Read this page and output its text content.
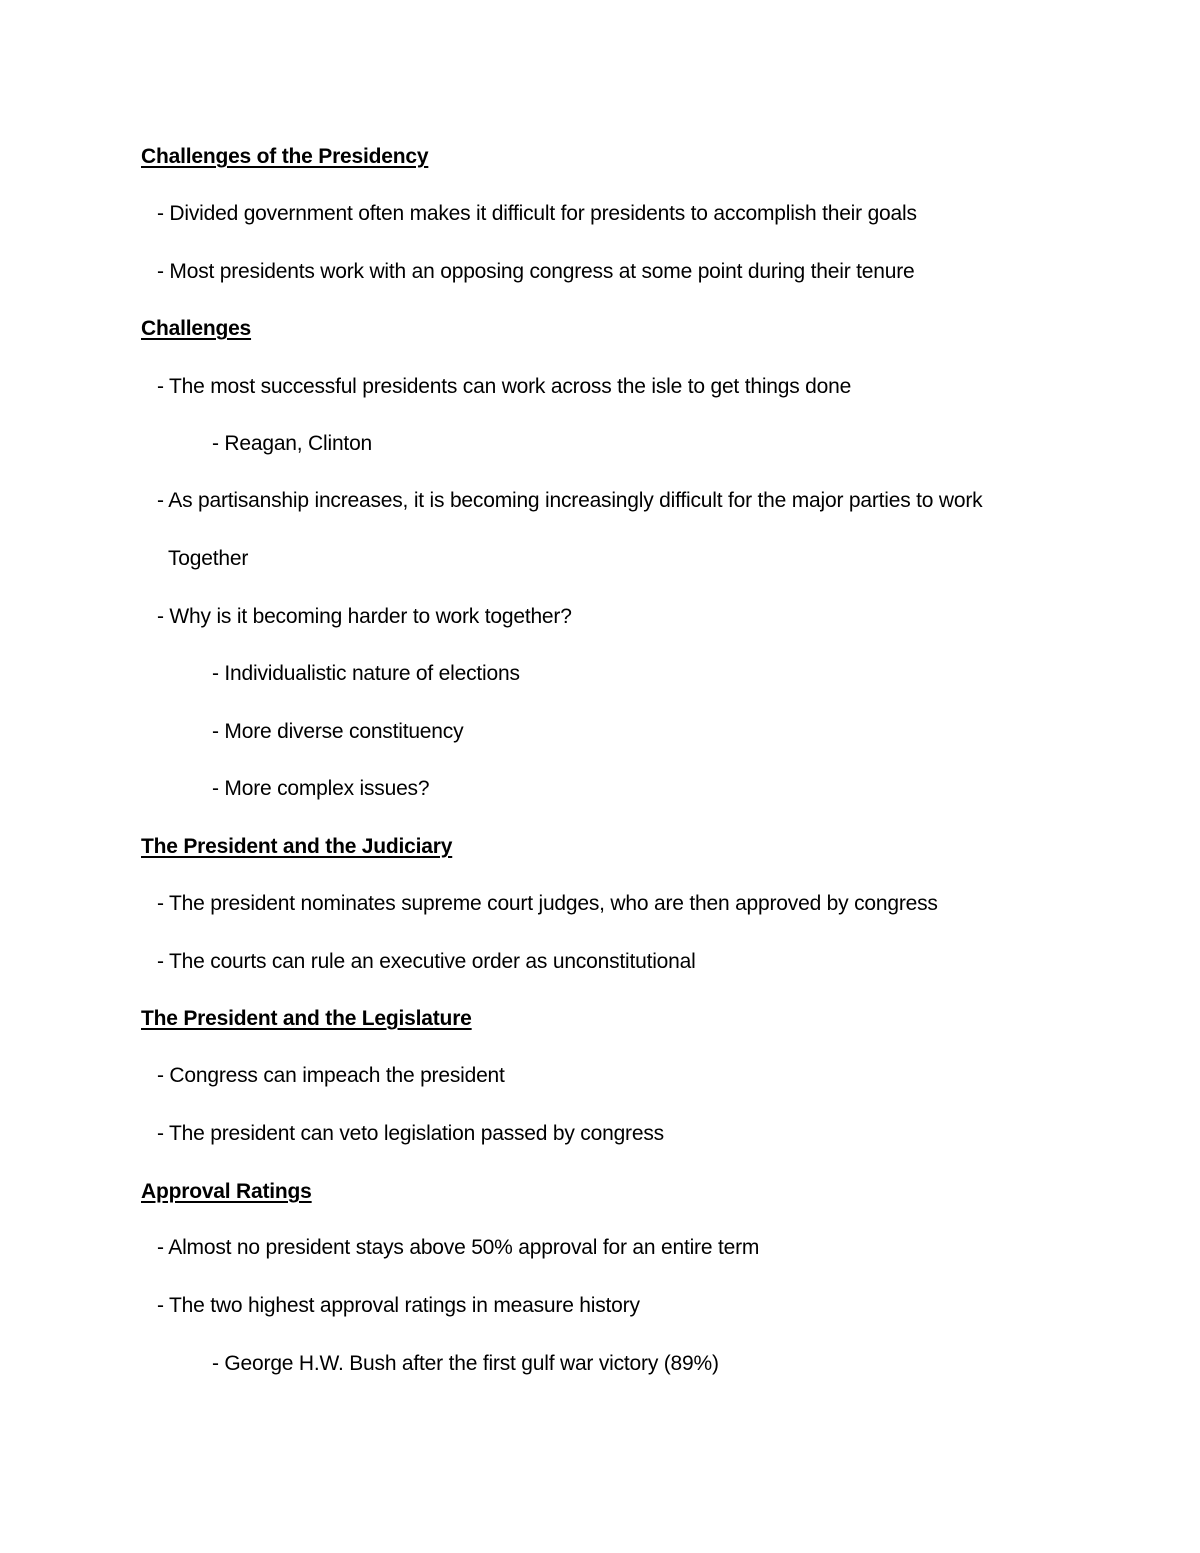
Challenges of the Presidency
- Divided government often makes it difficult for presidents to accomplish their goals
- Most presidents work with an opposing congress at some point during their tenure
Challenges
- The most successful presidents can work across the isle to get things done
- Reagan, Clinton
- As partisanship increases, it is becoming increasingly difficult for the major parties to work
Together
- Why is it becoming harder to work together?
- Individualistic nature of elections
- More diverse constituency
- More complex issues?
The President and the Judiciary
- The president nominates supreme court judges, who are then approved by congress
- The courts can rule an executive order as unconstitutional
The President and the Legislature
- Congress can impeach the president
- The president can veto legislation passed by congress
Approval Ratings
- Almost no president stays above 50% approval for an entire term
- The two highest approval ratings in measure history
- George H.W. Bush after the first gulf war victory (89%)
